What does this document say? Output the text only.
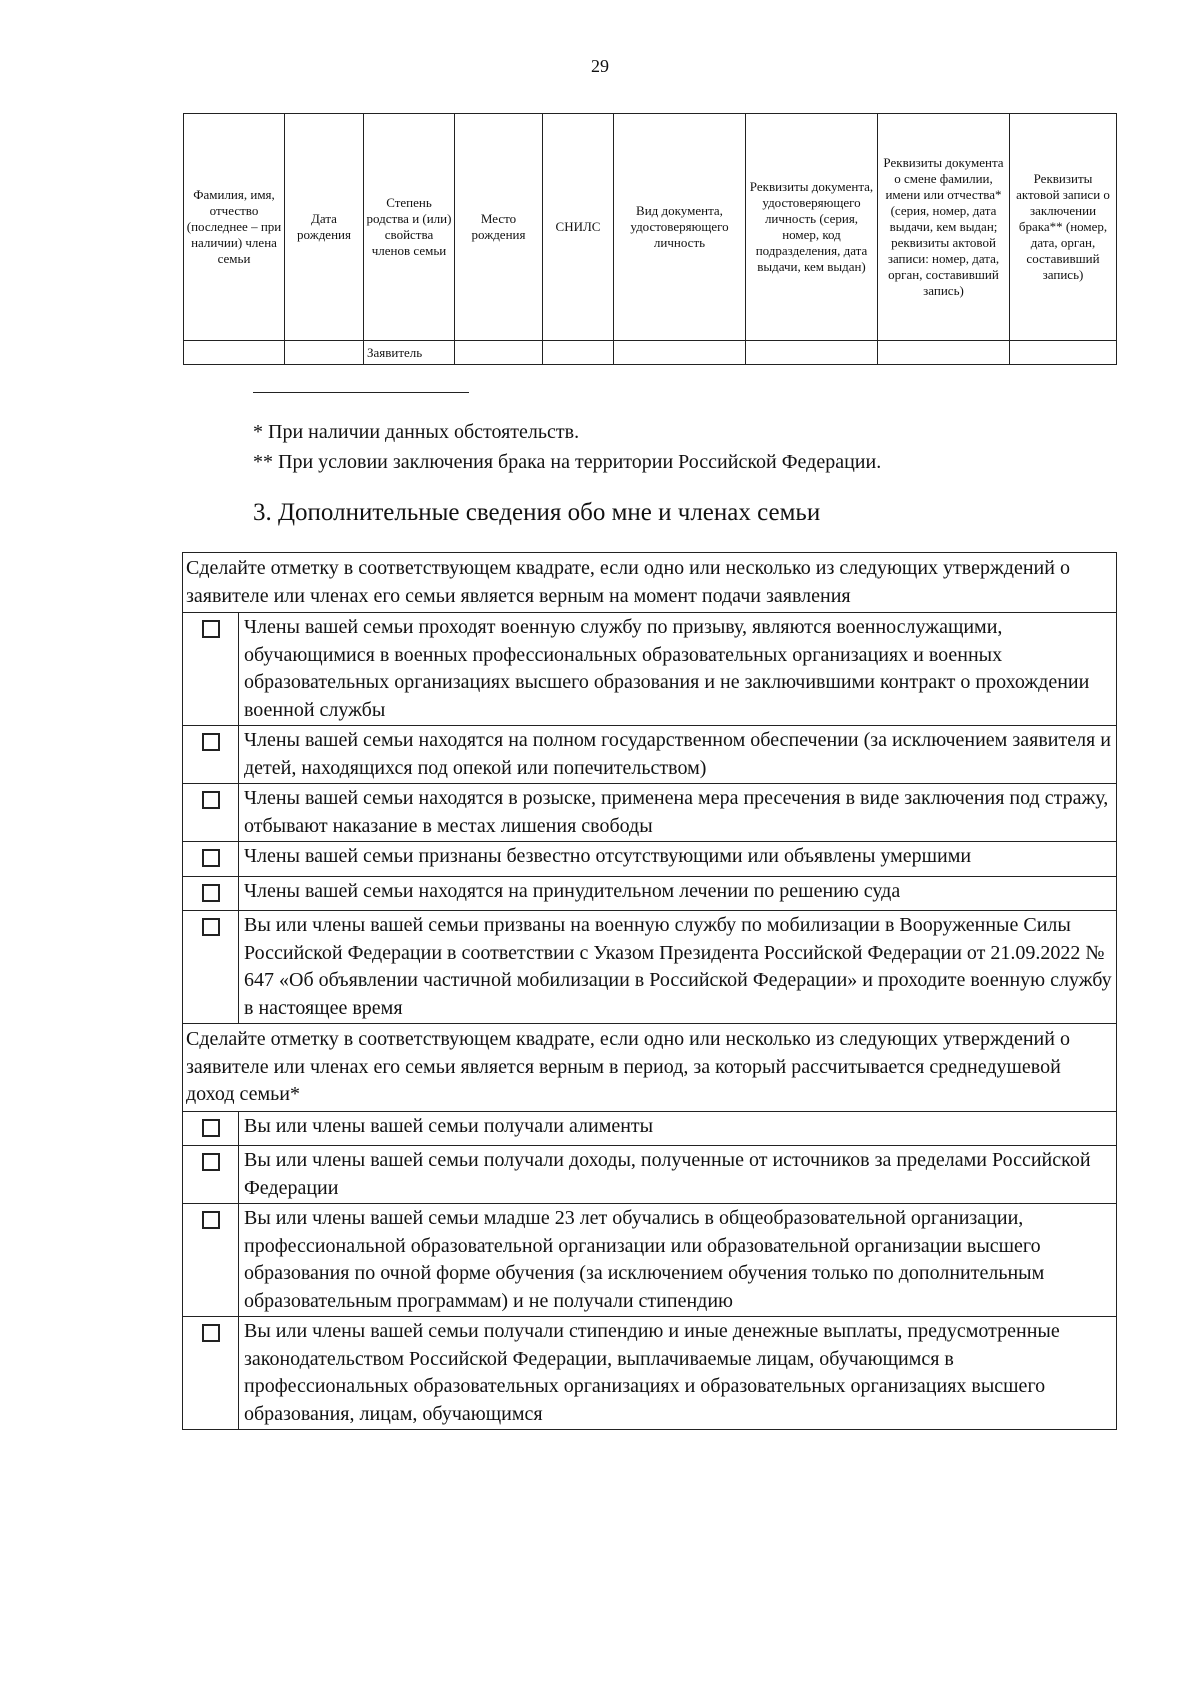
29
Фамилия, имя, отчество (последнее – при наличии) члена семьи	Дата рождения	Степень родства и (или) свойства членов семьи	Место рождения	СНИЛС	Вид документа, удостоверяющего личность	Реквизиты документа, удостоверяющего личность (серия, номер, код подразделения, дата выдачи, кем выдан)	Реквизиты документа о смене фамилии, имени или отчества* (серия, номер, дата выдачи, кем выдан; реквизиты актовой записи: номер, дата, орган, составивший запись)	Реквизиты актовой записи о заключении брака** (номер, дата, орган, составивший запись)
		Заявитель						
* При наличии данных обстоятельств.
** При условии заключения брака на территории Российской Федерации.
3. Дополнительные сведения обо мне и членах семьи
Сделайте отметку в соответствующем квадрате, если одно или несколько из следующих утверждений о заявителе или членах его семьи является верным на момент подачи заявления	
	Члены вашей семьи проходят военную службу по призыву, являются военнослужащими, обучающимися в военных профессиональных образовательных организациях и военных образовательных организациях высшего образования и не заключившими контракт о прохождении военной службы
	Члены вашей семьи находятся на полном государственном обеспечении (за исключением заявителя и детей, находящихся под опекой или попечительством)
	Члены вашей семьи находятся в розыске, применена мера пресечения в виде заключения под стражу, отбывают наказание в местах лишения свободы
	Члены вашей семьи признаны безвестно отсутствующими или объявлены умершими
	Члены вашей семьи находятся на принудительном лечении по решению суда
	Вы или члены вашей семьи призваны на военную службу по мобилизации в Вооруженные Силы Российской Федерации в соответствии с Указом Президента Российской Федерации от 21.09.2022 № 647 «Об объявлении частичной мобилизации в Российской Федерации» и проходите военную службу в настоящее время
Сделайте отметку в соответствующем квадрате, если одно или несколько из следующих утверждений о заявителе или членах его семьи является верным в период, за который рассчитывается среднедушевой доход семьи*	
	Вы или члены вашей семьи получали алименты
	Вы или члены вашей семьи получали доходы, полученные от источников за пределами Российской Федерации
	Вы или члены вашей семьи младше 23 лет обучались в общеобразовательной организации, профессиональной образовательной организации или образовательной организации высшего образования по очной форме обучения (за исключением обучения только по дополнительным образовательным программам) и не получали стипендию
	Вы или члены вашей семьи получали стипендию и иные денежные выплаты, предусмотренные законодательством Российской Федерации, выплачиваемые лицам, обучающимся в профессиональных образовательных организациях и образовательных организациях высшего образования, лицам, обучающимся
